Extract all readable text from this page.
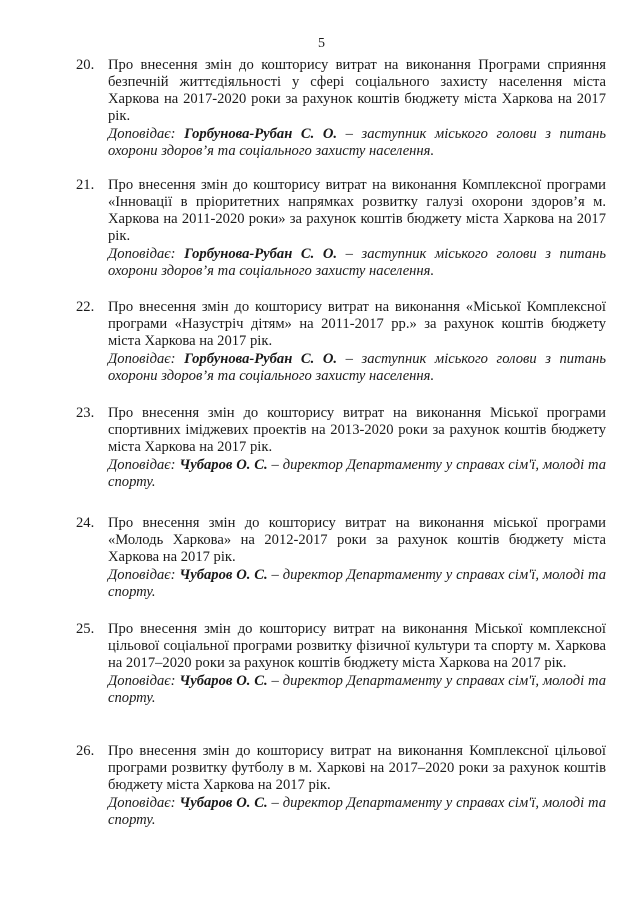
5
20. Про внесення змін до кошторису витрат на виконання Програми сприяння безпечній життєдіяльності у сфері соціального захисту населення міста Харкова на 2017-2020 роки за рахунок коштів бюджету міста Харкова на 2017 рік.

Доповідає: Горбунова-Рубан С. О. – заступник міського голови з питань охорони здоров’я та соціального захисту населення.

21. Про внесення змін до кошторису витрат на виконання Комплексної програми «Інновації в пріоритетних напрямках розвитку галузі охорони здоров’я м. Харкова на 2011-2020 роки» за рахунок коштів бюджету міста Харкова на 2017 рік.

Доповідає: Горбунова-Рубан С. О. – заступник міського голови з питань охорони здоров’я та соціального захисту населення.

22. Про внесення змін до кошторису витрат на виконання «Міської Комплексної програми «Назустріч дітям» на 2011-2017 рр.» за рахунок коштів бюджету міста Харкова на 2017 рік.

Доповідає: Горбунова-Рубан С. О. – заступник міського голови з питань охорони здоров’я та соціального захисту населення.

23. Про внесення змін до кошторису витрат на виконання Міської програми спортивних іміджевих проектів на 2013-2020 роки за рахунок коштів бюджету міста Харкова на 2017 рік.

Доповідає: Чубаров О. С. – директор Департаменту у справах сім'ї, молоді та спорту.

24. Про внесення змін до кошторису витрат на виконання міської програми «Молодь Харкова» на 2012-2017 роки за рахунок коштів бюджету міста Харкова на 2017 рік.

Доповідає: Чубаров О. С. – директор Департаменту у справах сім'ї, молоді та спорту.

25. Про внесення змін до кошторису витрат на виконання Міської комплексної цільової соціальної програми розвитку фізичної культури та спорту м. Харкова на 2017–2020 роки за рахунок коштів бюджету міста Харкова на 2017 рік.

Доповідає: Чубаров О. С. – директор Департаменту у справах сім'ї, молоді та спорту.

26. Про внесення змін до кошторису витрат на виконання Комплексної цільової програми розвитку футболу в м. Харкові на 2017–2020 роки за рахунок коштів бюджету міста Харкова на 2017 рік.

Доповідає: Чубаров О. С. – директор Департаменту у справах сім'ї, молоді та спорту.
